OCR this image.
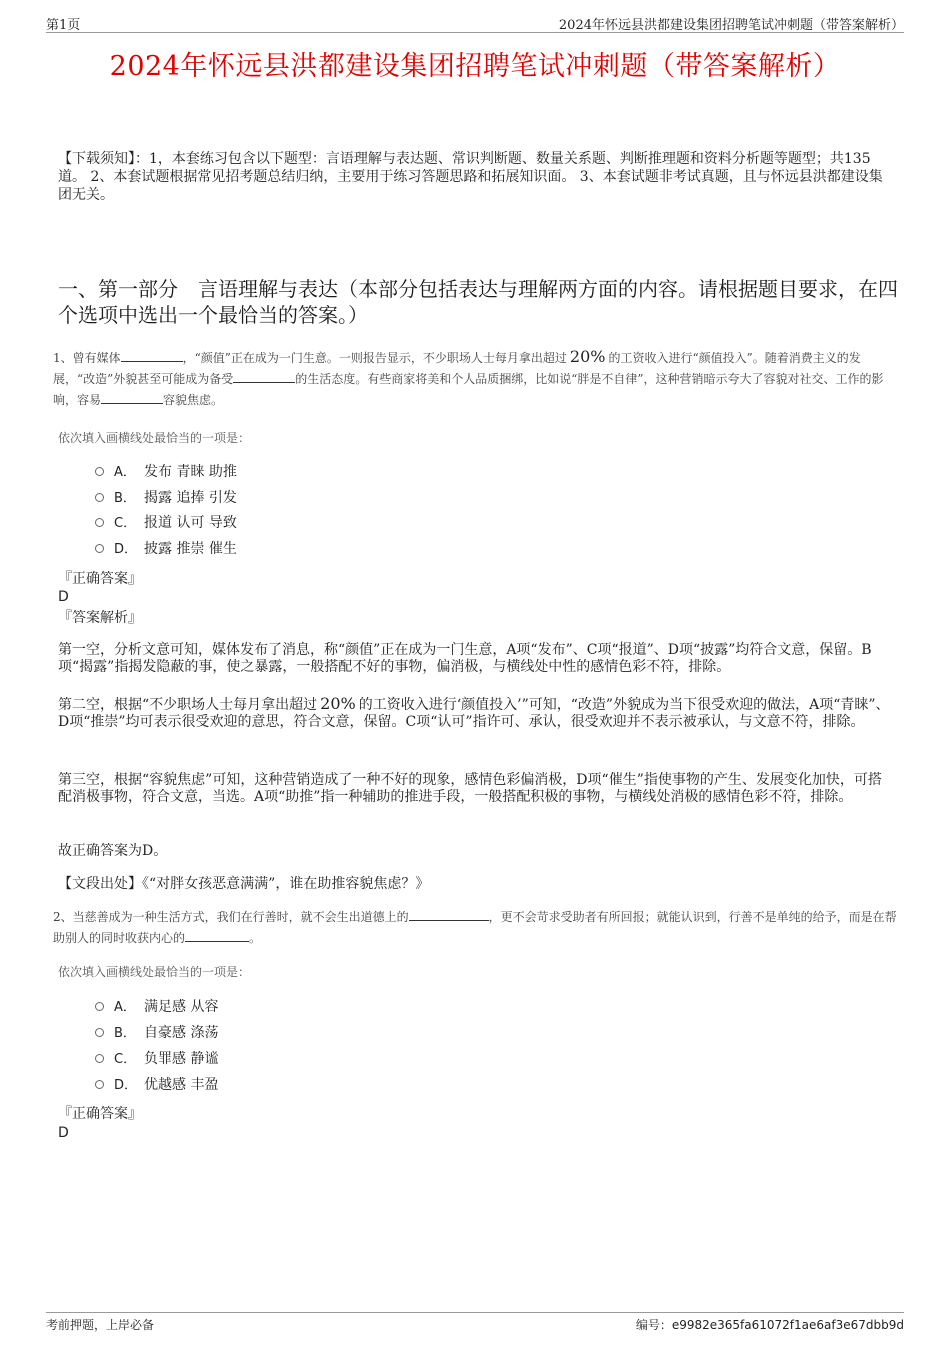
第1页	2024年怀远县洪都建设集团招聘笔试冲刺题（带答案解析）
2024年怀远县洪都建设集团招聘笔试冲刺题（带答案解析）
【下载须知】：1，本套练习包含以下题型：言语理解与表达题、常识判断题、数量关系题、判断推理题和资料分析题等题型；共135道。 2、本套试题根据常见招考题总结归纳，主要用于练习答题思路和拓展知识面。 3、本套试题非考试真题，且与怀远县洪都建设集团无关。
一、第一部分　言语理解与表达（本部分包括表达与理解两方面的内容。请根据题目要求，在四个选项中选出一个最恰当的答案。）
1、曾有媒体	，“颜值”正在成为一门生意。一则报告显示，不少职场人士每月拿出超过 20% 的工资收入进行“颜值投入”。随着消费主义的发展，“改造”外貌甚至可能成为备受	的生活态度。有些商家将美和个人品质捆绑，比如说“胖是不自律”，这种营销暗示夸大了容貌对社交、工作的影响，容易	容貌焦虑。
依次填入画横线处最恰当的一项是：
A． 发布 青睐 助推
B． 揭露 追捧 引发
C． 报道 认可 导致
D． 披露 推崇 催生
『正确答案』
D
『答案解析』
第一空，分析文意可知，媒体发布了消息，称“颜值”正在成为一门生意，A项“发布”、C项“报道”、D项“披露”均符合文意，保留。B项“揭露”指揭发隐蔽的事，使之暴露，一般搭配不好的事物，偏消极，与横线处中性的感情色彩不符，排除。
第二空，根据“不少职场人士每月拿出超过 20% 的工资收入进行‘颜值投入’”可知，“改造”外貌成为当下很受欢迎的做法，A项“青睐”、D项“推崇”均可表示很受欢迎的意思，符合文意，保留。C项“认可”指许可、承认，很受欢迎并不表示被承认，与文意不符，排除。
第三空，根据“容貌焦虑”可知，这种营销造成了一种不好的现象，感情色彩偏消极，D项“催生”指使事物的产生、发展变化加快，可搭配消极事物，符合文意，当选。A项“助推”指一种辅助的推进手段，一般搭配积极的事物，与横线处消极的感情色彩不符，排除。
故正确答案为D。
【文段出处】《“对胖女孩恶意满满”，谁在助推容貌焦虑？》
2、当慈善成为一种生活方式，我们在行善时，就不会生出道德上的	，更不会苛求受助者有所回报；就能认识到，行善不是单纯的给予，而是在帮助别人的同时收获内心的	。
依次填入画横线处最恰当的一项是：
A． 满足感 从容
B． 自豪感 涤荡
C． 负罪感 静谧
D． 优越感 丰盈
『正确答案』
D
考前押题，上岸必备	编号：e9982e365fa61072f1ae6af3e67dbb9d
